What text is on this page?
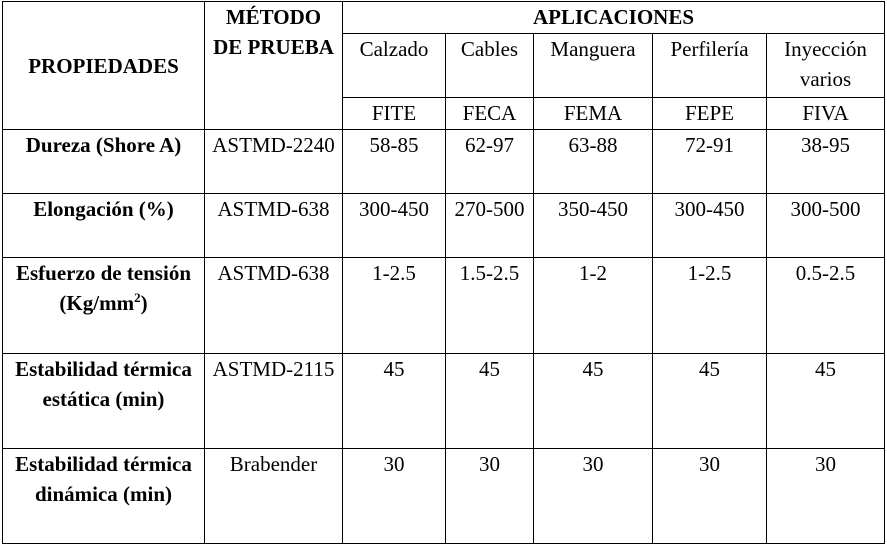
PROPIEDADES	MÉTODO DE PRUEBA	APLICACIONES				
		Calzado	Cables	Manguera	Perfilería	Inyección varios
		FITE	FECA	FEMA	FEPE	FIVA
Dureza (Shore A)	ASTMD-2240	58-85	62-97	63-88	72-91	38-95
Elongación (%)	ASTMD-638	300-450	270-500	350-450	300-450	300-500
Esfuerzo de tensión $(Kg/mm^2)$	ASTMD-638	1-2.5	1.5-2.5	1-2	1-2.5	0.5-2.5
Estabilidad térmica estática (min)	ASTMD-2115	45	45	45	45	45
Estabilidad térmica dinámica (min)	Brabender	30	30	30	30	30
